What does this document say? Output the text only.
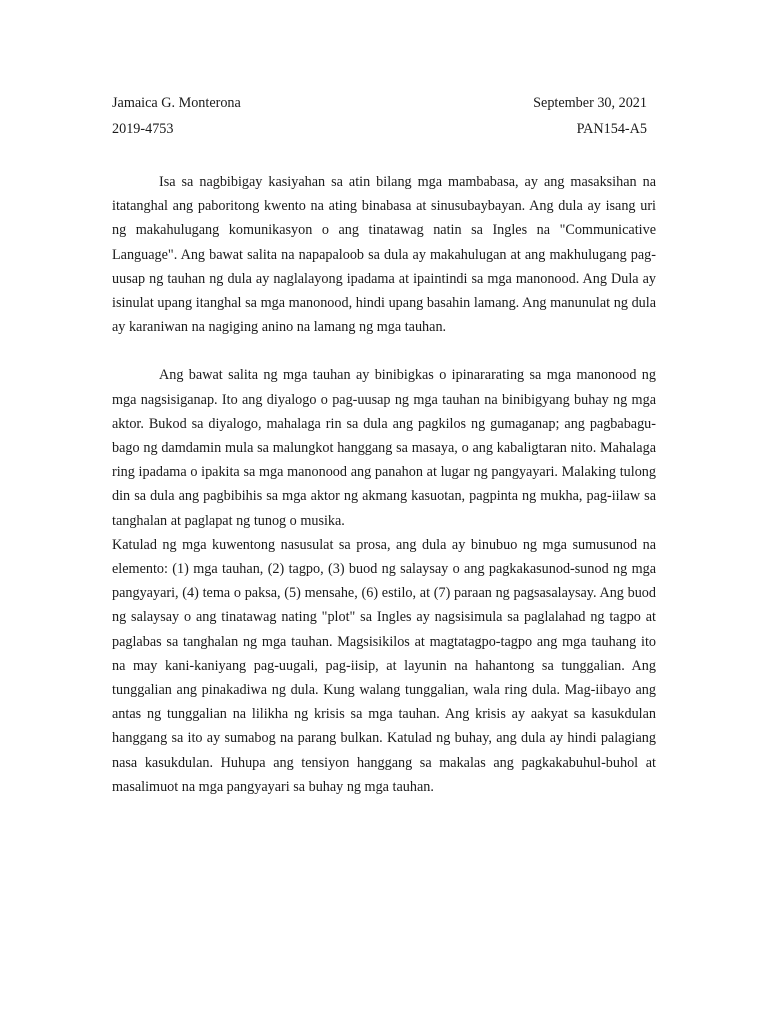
Jamaica G. Monterona	September 30, 2021
2019-4753	PAN154-A5

Isa sa nagbibigay kasiyahan sa atin bilang mga mambabasa, ay ang masaksihan na itatanghal ang paboritong kwento na ating binabasa at sinusubaybayan. Ang dula ay isang uri ng makahulugang komunikasyon o ang tinatawag natin sa Ingles na "Communicative Language". Ang bawat salita na napapaloob sa dula ay makahulugan at ang makhulugang pag-uusap ng tauhan ng dula ay naglalayong ipadama at ipaintindi sa mga manonood. Ang Dula ay isinulat upang itanghal sa mga manonood, hindi upang basahin lamang. Ang manunulat ng dula ay karaniwan na nagiging anino na lamang ng mga tauhan.

Ang bawat salita ng mga tauhan ay binibigkas o ipinararating sa mga manonood ng mga nagsisiganap. Ito ang diyalogo o pag-uusap ng mga tauhan na binibigyang buhay ng mga aktor. Bukod sa diyalogo, mahalaga rin sa dula ang pagkilos ng gumaganap; ang pagbabagu-bago ng damdamin mula sa malungkot hanggang sa masaya, o ang kabaligtaran nito. Mahalaga ring ipadama o ipakita sa mga manonood ang panahon at lugar ng pangyayari. Malaking tulong din sa dula ang pagbibihis sa mga aktor ng akmang kasuotan, pagpinta ng mukha, pag-iilaw sa tanghalan at paglapat ng tunog o musika.

Katulad ng mga kuwentong nasusulat sa prosa, ang dula ay binubuo ng mga sumusunod na elemento: (1) mga tauhan, (2) tagpo, (3) buod ng salaysay o ang pagkakasunod-sunod ng mga pangyayari, (4) tema o paksa, (5) mensahe, (6) estilo, at (7) paraan ng pagsasalaysay. Ang buod ng salaysay o ang tinatawag nating "plot" sa Ingles ay nagsisimula sa paglalahad ng tagpo at paglabas sa tanghalan ng mga tauhan. Magsisikilos at magtatagpo-tagpo ang mga tauhang ito na may kani-kaniyang pag-uugali, pag-iisip, at layunin na hahantong sa tunggalian. Ang tunggalian ang pinakadiwa ng dula. Kung walang tunggalian, wala ring dula. Mag-iibayo ang antas ng tunggalian na lilikha ng krisis sa mga tauhan. Ang krisis ay aakyat sa kasukdulan hanggang sa ito ay sumabog na parang bulkan. Katulad ng buhay, ang dula ay hindi palagiang nasa kasukdulan. Huhupa ang tensiyon hanggang sa makalas ang pagkakabuhul-buhol at masalimuot na mga pangyayari sa buhay ng mga tauhan.
